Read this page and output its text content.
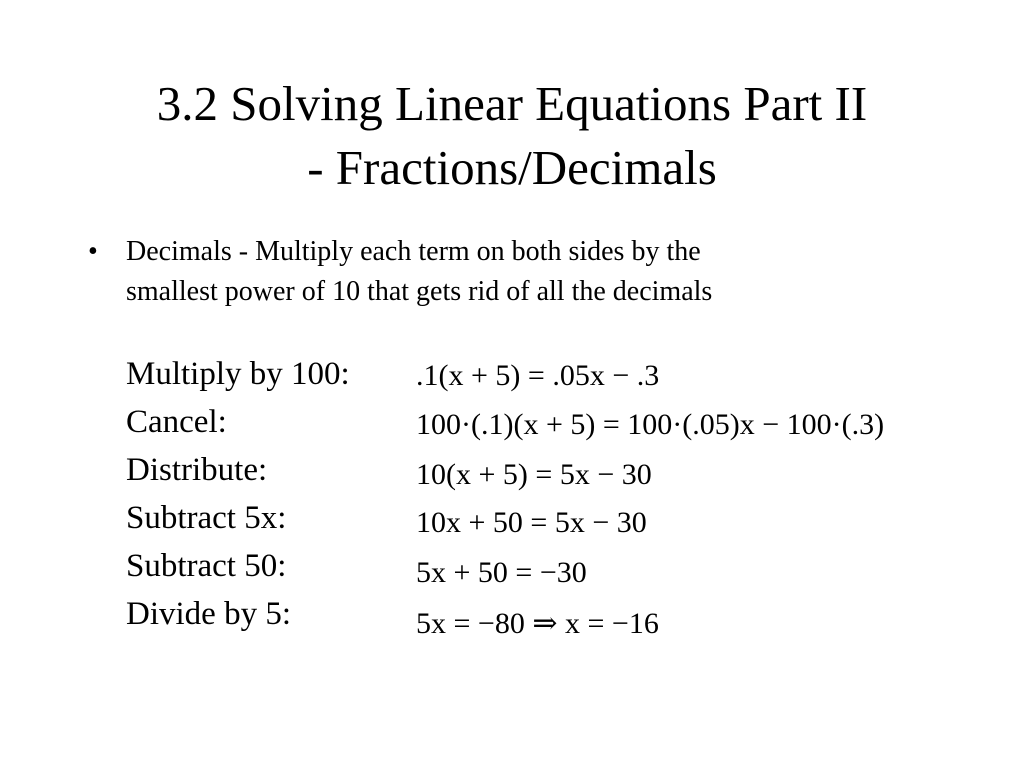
3.2 Solving Linear Equations Part II
- Fractions/Decimals
• Decimals - Multiply each term on both sides by the
smallest power of 10 that gets rid of all the decimals
Multiply by 100: .1(x + 5) = .05x − .3
Cancel:	100·(.1)(x + 5) = 100·(.05)x − 100·(.3)
Distribute:	10(x + 5) = 5x − 30
Subtract 5x:	10x + 50 = 5x − 30
Subtract 50:	5x + 50 = −30
Divide by 5:	5x = −80 ⇒ x = −16
